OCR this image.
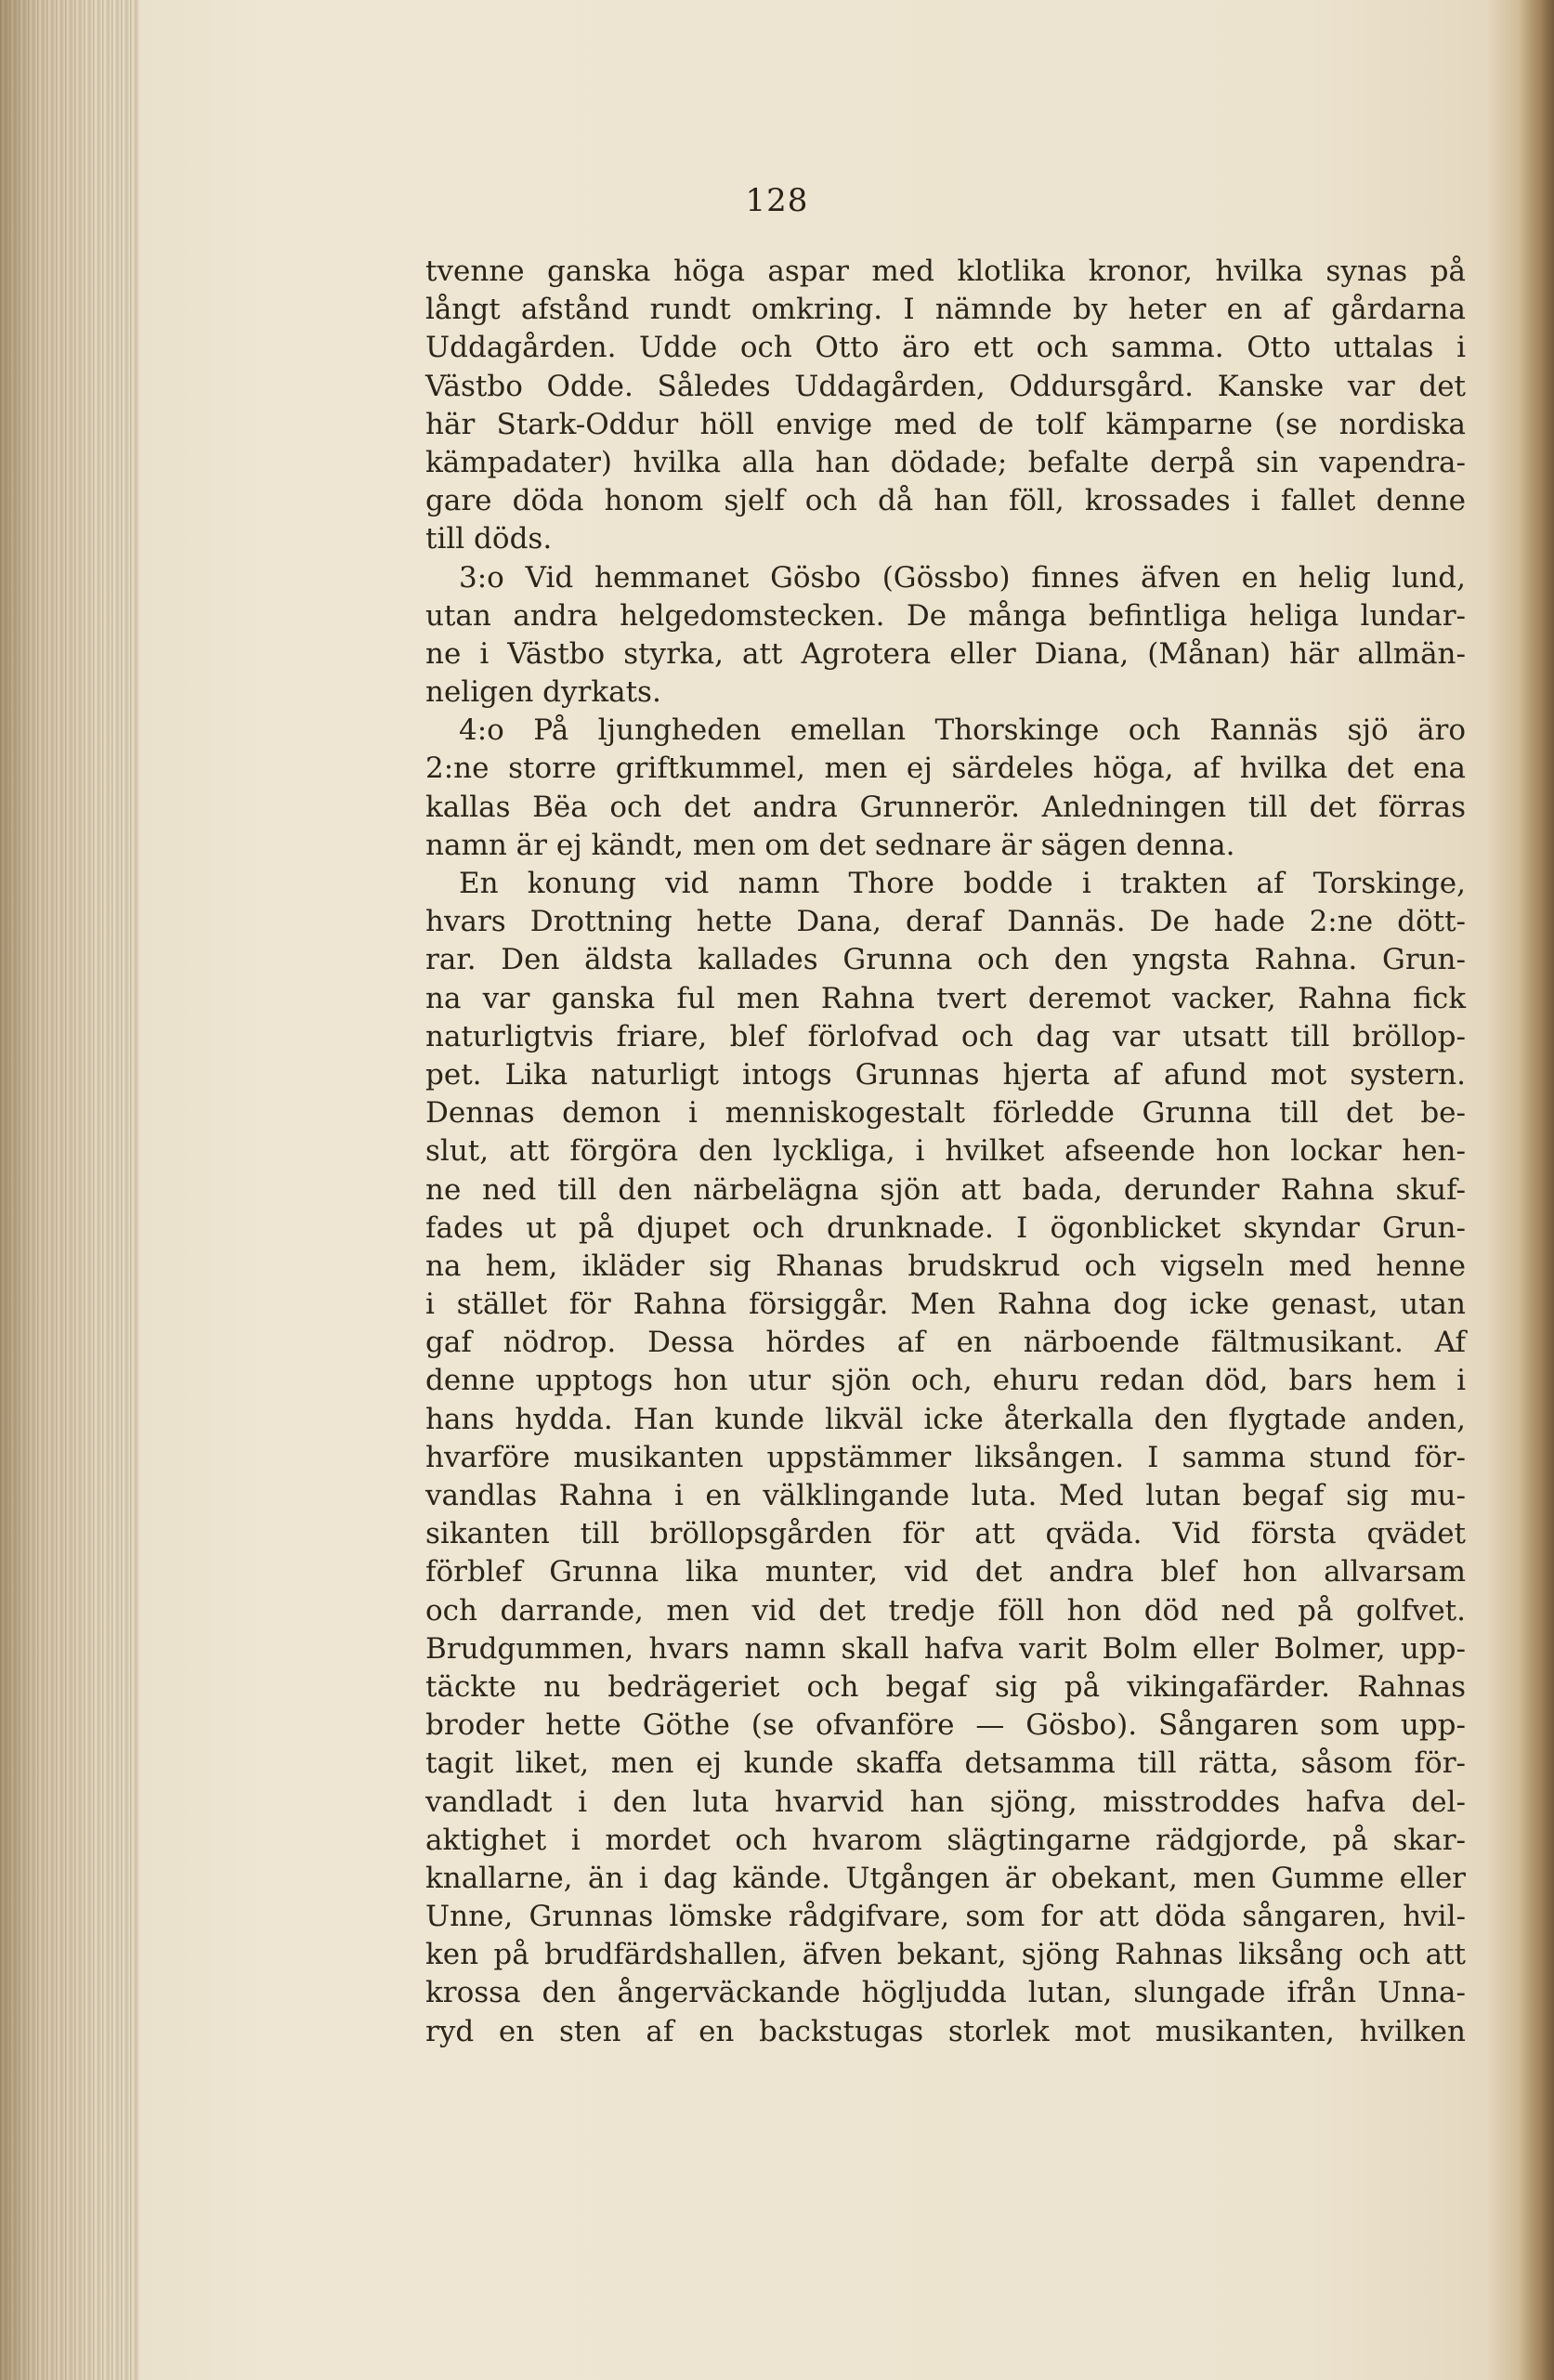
128
tvenne ganska höga aspar med klotlika kronor, hvilka synas på
långt afstånd rundt omkring. I nämnde by heter en af gårdarna
Uddagården. Udde och Otto äro ett och samma. Otto uttalas i
Västbo Odde. Således Uddagården, Oddursgård. Kanske var det
här Stark-Oddur höll envige med de tolf kämparne (se nordiska
kämpadater) hvilka alla han dödade; befalte derpå sin vapendra-
gare döda honom sjelf och då han föll, krossades i fallet denne
till döds.
3:o Vid hemmanet Gösbo (Gössbo) finnes äfven en helig lund,
utan andra helgedomstecken. De många befintliga heliga lundar-
ne i Västbo styrka, att Agrotera eller Diana, (Månan) här allmän-
neligen dyrkats.
4:o På ljungheden emellan Thorskinge och Rannäs sjö äro
2:ne storre griftkummel, men ej särdeles höga, af hvilka det ena
kallas Bëa och det andra Grunnerör. Anledningen till det förras
namn är ej kändt, men om det sednare är sägen denna.
En konung vid namn Thore bodde i trakten af Torskinge,
hvars Drottning hette Dana, deraf Dannäs. De hade 2:ne dött-
rar. Den äldsta kallades Grunna och den yngsta Rahna. Grun-
na var ganska ful men Rahna tvert deremot vacker, Rahna fick
naturligtvis friare, blef förlofvad och dag var utsatt till bröllop-
pet. Lika naturligt intogs Grunnas hjerta af afund mot systern.
Dennas demon i menniskogestalt förledde Grunna till det be-
slut, att förgöra den lyckliga, i hvilket afseende hon lockar hen-
ne ned till den närbelägna sjön att bada, derunder Rahna skuf-
fades ut på djupet och drunknade. I ögonblicket skyndar Grun-
na hem, ikläder sig Rhanas brudskrud och vigseln med henne
i stället för Rahna försiggår. Men Rahna dog icke genast, utan
gaf nödrop. Dessa hördes af en närboende fältmusikant. Af
denne upptogs hon utur sjön och, ehuru redan död, bars hem i
hans hydda. Han kunde likväl icke återkalla den flygtade anden,
hvarföre musikanten uppstämmer liksången. I samma stund för-
vandlas Rahna i en välklingande luta. Med lutan begaf sig mu-
sikanten till bröllopsgården för att qväda. Vid första qvädet
förblef Grunna lika munter, vid det andra blef hon allvarsam
och darrande, men vid det tredje föll hon död ned på golfvet.
Brudgummen, hvars namn skall hafva varit Bolm eller Bolmer, upp-
täckte nu bedrägeriet och begaf sig på vikingafärder. Rahnas
broder hette Göthe (se ofvanföre — Gösbo). Sångaren som upp-
tagit liket, men ej kunde skaffa detsamma till rätta, såsom för-
vandladt i den luta hvarvid han sjöng, misstroddes hafva del-
aktighet i mordet och hvarom slägtingarne rädgjorde, på skar-
knallarne, än i dag kände. Utgången är obekant, men Gumme eller
Unne, Grunnas lömske rådgifvare, som for att döda sångaren, hvil-
ken på brudfärdshallen, äfven bekant, sjöng Rahnas liksång och att
krossa den ångerväckande högljudda lutan, slungade ifrån Unna-
ryd en sten af en backstugas storlek mot musikanten, hvilken
